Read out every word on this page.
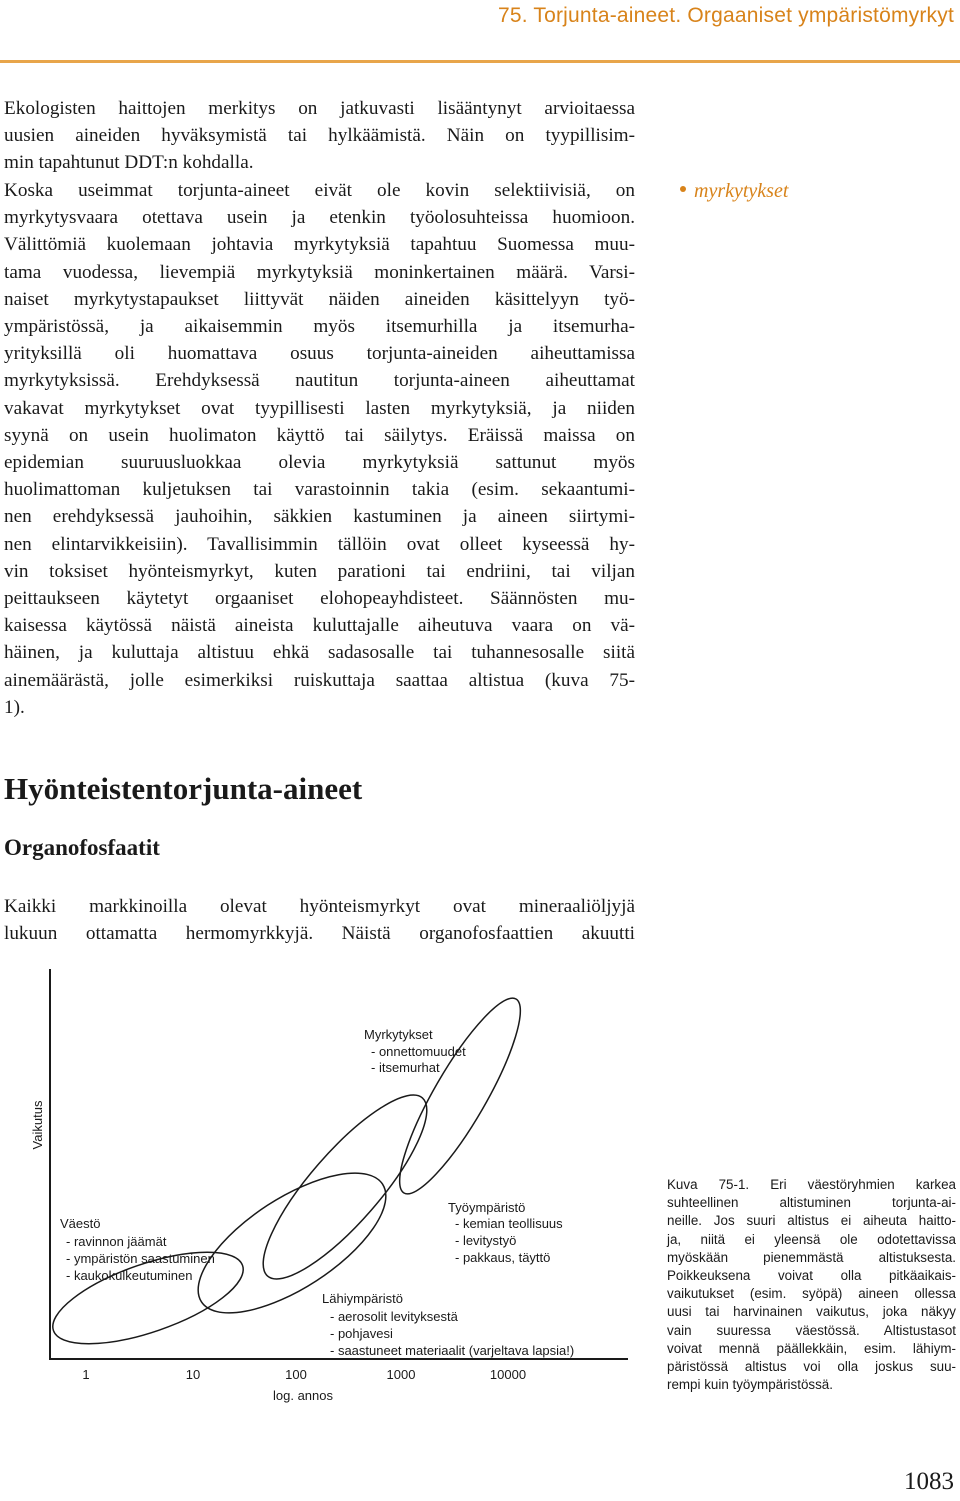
75. Torjunta-aineet. Orgaaniset ympäristömyrkyt
Ekologisten haittojen merkitys on jatkuvasti lisääntynyt arvioitaessa
uusien aineiden hyväksymistä tai hylkäämistä. Näin on tyypillisim-
min tapahtunut DDT:n kohdalla.
Koska useimmat torjunta-aineet eivät ole kovin selektiivisiä, on
myrkytysvaara otettava usein ja etenkin työolosuhteissa huomioon.
Välittömiä kuolemaan johtavia myrkytyksiä tapahtuu Suomessa muu-
tama vuodessa, lievempiä myrkytyksiä moninkertainen määrä. Varsi-
naiset myrkytystapaukset liittyvät näiden aineiden käsittelyyn työ-
ympäristössä, ja aikaisemmin myös itsemurhilla ja itsemurha-
yrityksillä oli huomattava osuus torjunta-aineiden aiheuttamissa
myrkytyksissä. Erehdyksessä nautitun torjunta-aineen aiheuttamat
vakavat myrkytykset ovat tyypillisesti lasten myrkytyksiä, ja niiden
syynä on usein huolimaton käyttö tai säilytys. Eräissä maissa on
epidemian suuruusluokkaa olevia myrkytyksiä sattunut myös
huolimattoman kuljetuksen tai varastoinnin takia (esim. sekaantumi-
nen erehdyksessä jauhoihin, säkkien kastuminen ja aineen siirtymi-
nen elintarvikkeisiin). Tavallisimmin tällöin ovat olleet kyseessä hy-
vin toksiset hyönteismyrkyt, kuten parationi tai endriini, tai viljan
peittaukseen käytetyt orgaaniset elohopeayhdisteet. Säännösten mu-
kaisessa käytössä näistä aineista kuluttajalle aiheutuva vaara on vä-
häinen, ja kuluttaja altistuu ehkä sadasosalle tai tuhannesosalle siitä
ainemäärästä, jolle esimerkiksi ruiskuttaja saattaa altistua (kuva 75-
1).
myrkytykset
Hyönteistentorjunta-aineet
Organofosfaatit
Kaikki markkinoilla olevat hyönteismyrkyt ovat mineraaliöljyjä
lukuun ottamatta hermomyrkkyjä. Näistä organofosfaattien akuutti
Vaikutus
Väestö
- ravinnon jäämät
- ympäristön saastuminen
- kaukokulkeutuminen
Lähiympäristö
- aerosolit levityksestä
- pohjavesi
- saastuneet materiaalit (varjeltava lapsia!)
Työympäristö
- kemian teollisuus
- levitystyö
- pakkaus, täyttö
Myrkytykset
- onnettomuudet
- itsemurhat
1	10	100	1000	10000
log. annos
Kuva 75-1. Eri väestöryhmien karkea
suhteellinen altistuminen torjunta-ai-
neille. Jos suuri altistus ei aiheuta haitto-
ja, niitä ei yleensä ole odotettavissa
myöskään pienemmästä altistuksesta.
Poikkeuksena voivat olla pitkäaikais-
vaikutukset (esim. syöpä) aineen ollessa
uusi tai harvinainen vaikutus, joka näkyy
vain suuressa väestössä. Altistustasot
voivat mennä päällekkäin, esim. lähiym-
päristössä altistus voi olla joskus suu-
rempi kuin työympäristössä.
1083
